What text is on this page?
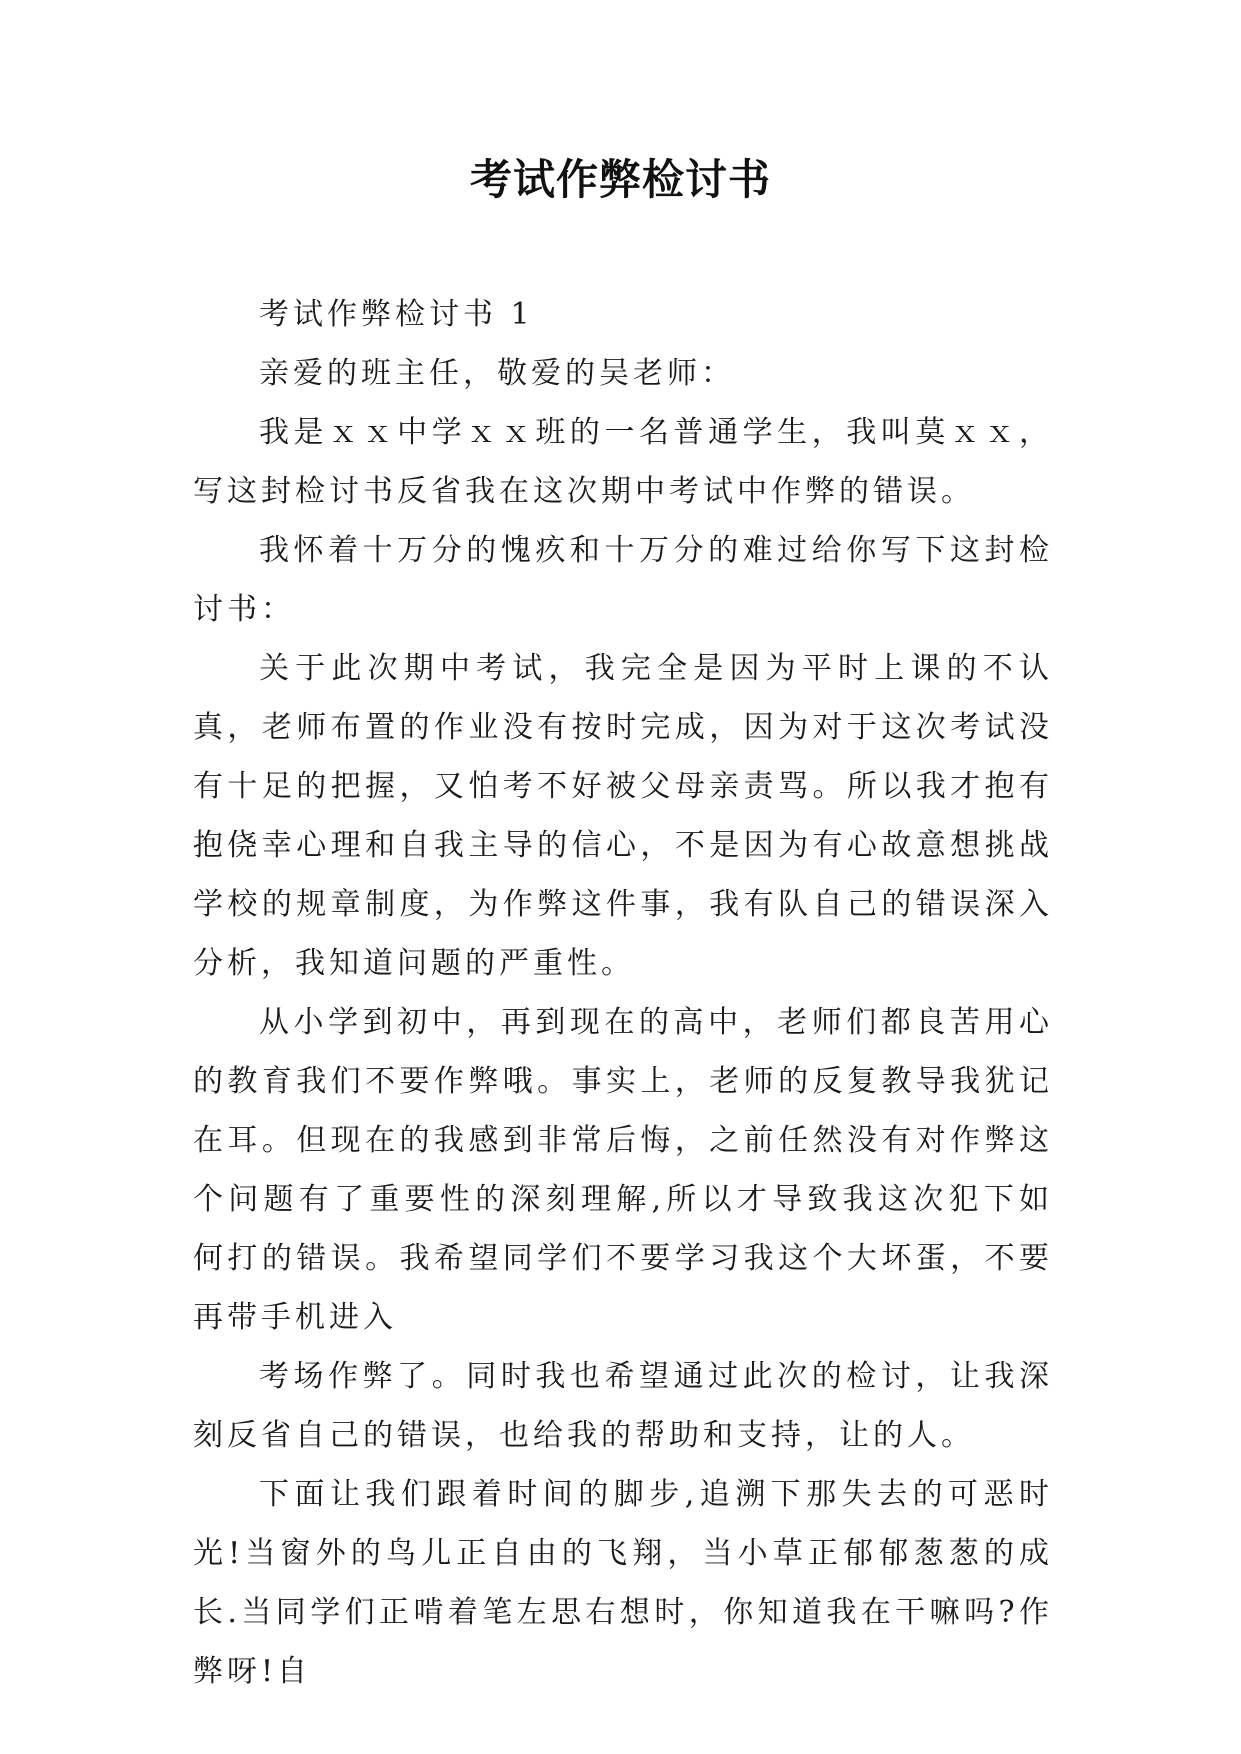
考试作弊检讨书

考试作弊检讨书 1

亲爱的班主任，敬爱的吴老师：

我是ｘｘ中学ｘｘ班的一名普通学生，我叫莫ｘｘ，写这封检讨书反省我在这次期中考试中作弊的错误。

我怀着十万分的愧疚和十万分的难过给你写下这封检讨书：

关于此次期中考试，我完全是因为平时上课的不认真，老师布置的作业没有按时完成，因为对于这次考试没有十足的把握，又怕考不好被父母亲责骂。所以我才抱有抱侥幸心理和自我主导的信心，不是因为有心故意想挑战学校的规章制度，为作弊这件事，我有队自己的错误深入分析，我知道问题的严重性。

从小学到初中，再到现在的高中，老师们都良苦用心的教育我们不要作弊哦。事实上，老师的反复教导我犹记在耳。但现在的我感到非常后悔，之前任然没有对作弊这个问题有了重要性的深刻理解,所以才导致我这次犯下如何打的错误。我希望同学们不要学习我这个大坏蛋，不要再带手机进入

考场作弊了。同时我也希望通过此次的检讨，让我深刻反省自己的错误，也给我的帮助和支持，让的人。

下面让我们跟着时间的脚步,追溯下那失去的可恶时光!当窗外的鸟儿正自由的飞翔，当小草正郁郁葱葱的成长.当同学们正啃着笔左思右想时，你知道我在干嘛吗?作弊呀!自
